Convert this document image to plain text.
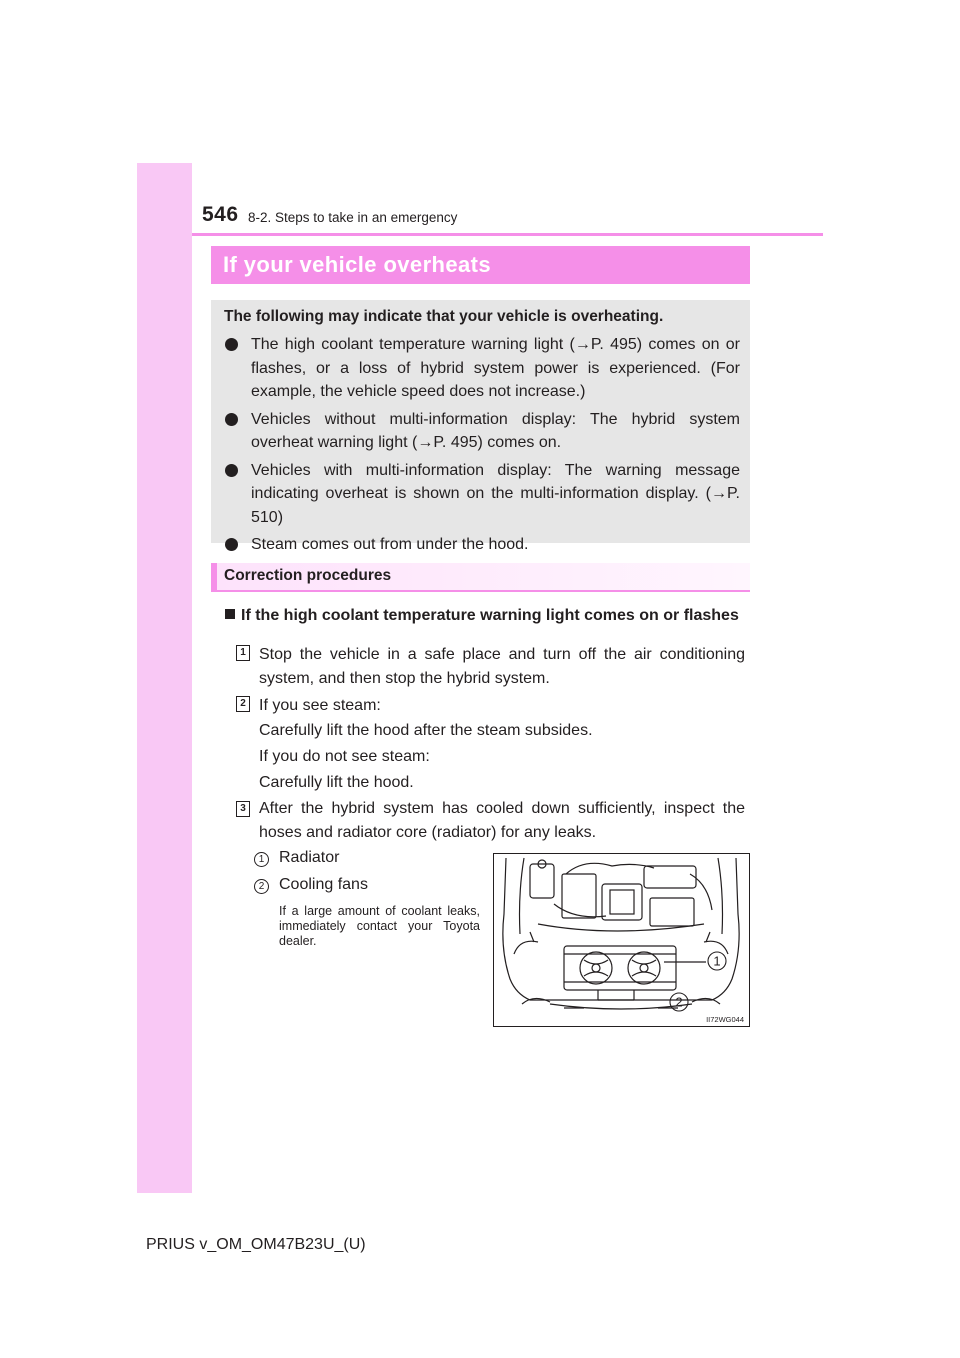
546 8-2. Steps to take in an emergency
If your vehicle overheats
The following may indicate that your vehicle is overheating.
The high coolant temperature warning light (→P. 495) comes on or flashes, or a loss of hybrid system power is experienced. (For example, the vehicle speed does not increase.)
Vehicles without multi-information display: The hybrid system overheat warning light (→P. 495) comes on.
Vehicles with multi-information display: The warning message indicating overheat is shown on the multi-information display. (→P. 510)
Steam comes out from under the hood.
Correction procedures
If the high coolant temperature warning light comes on or flashes
1 Stop the vehicle in a safe place and turn off the air conditioning system, and then stop the hybrid system.
2 If you see steam:
Carefully lift the hood after the steam subsides.
If you do not see steam:
Carefully lift the hood.
3 After the hybrid system has cooled down sufficiently, inspect the hoses and radiator core (radiator) for any leaks.
1 Radiator
2 Cooling fans
If a large amount of coolant leaks, immediately contact your Toyota dealer.
1
2
II72WG044
PRIUS v_OM_OM47B23U_(U)
